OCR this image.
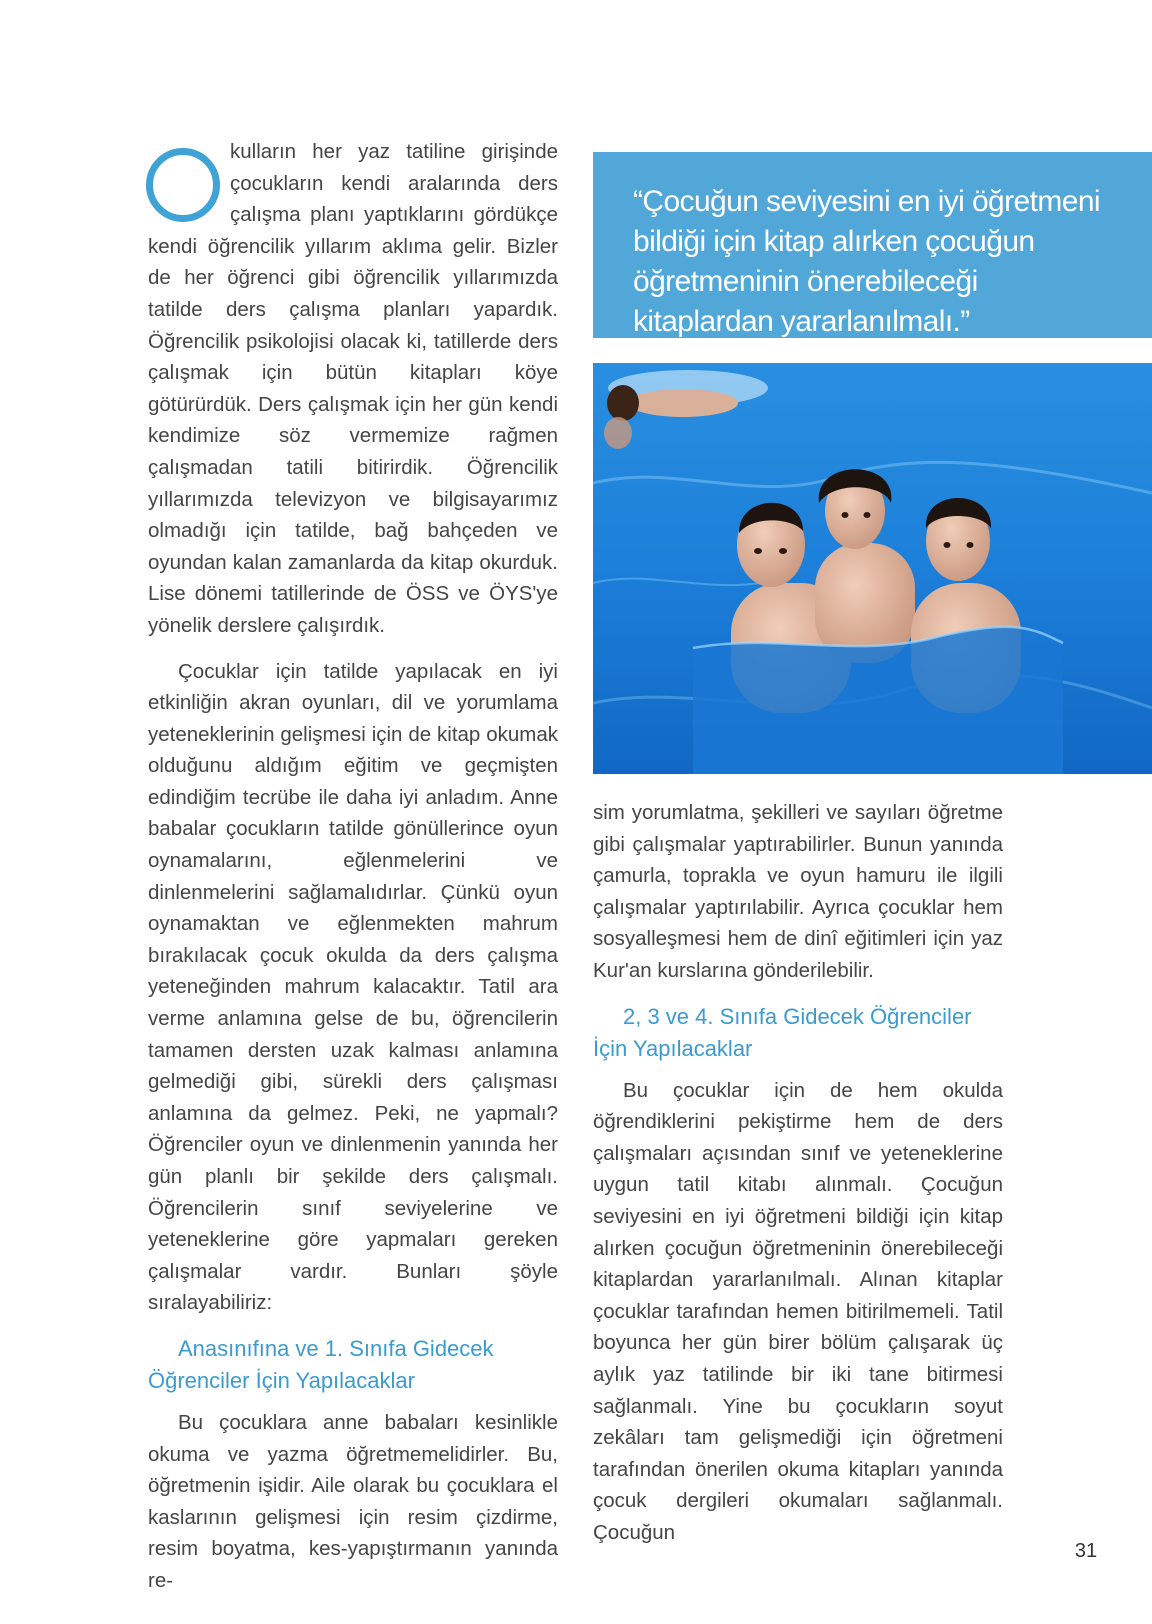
kulların her yaz tatiline girişinde çocukların kendi aralarında ders çalışma planı yaptıklarını gördükçe kendi öğrencilik yıllarım aklıma gelir. Bizler de her öğrenci gibi öğrencilik yıllarımızda tatilde ders çalışma planları yapardık. Öğrencilik psikolojisi olacak ki, tatillerde ders çalışmak için bütün kitapları köye götürürdük. Ders çalışmak için her gün kendi kendimize söz vermemize rağmen çalışmadan tatili bitirirdik. Öğrencilik yıllarımızda televizyon ve bilgisayarımız olmadığı için tatilde, bağ bahçeden ve oyundan kalan zamanlarda da kitap okurduk. Lise dönemi tatillerinde de ÖSS ve ÖYS'ye yönelik derslere çalışırdık.

Çocuklar için tatilde yapılacak en iyi etkinliğin akran oyunları, dil ve yorumlama yeteneklerinin gelişmesi için de kitap okumak olduğunu aldığım eğitim ve geçmişten edindiğim tecrübe ile daha iyi anladım. Anne babalar çocukların tatilde gönüllerince oyun oynamalarını, eğlenmelerini ve dinlenmelerini sağlamalıdırlar. Çünkü oyun oynamaktan ve eğlenmekten mahrum bırakılacak çocuk okulda da ders çalışma yeteneğinden mahrum kalacaktır. Tatil ara verme anlamına gelse de bu, öğrencilerin tamamen dersten uzak kalması anlamına gelmediği gibi, sürekli ders çalışması anlamına da gelmez. Peki, ne yapmalı? Öğrenciler oyun ve dinlenmenin yanında her gün planlı bir şekilde ders çalışmalı. Öğrencilerin sınıf seviyelerine ve yeteneklerine göre yapmaları gereken çalışmalar vardır. Bunları şöyle sıralayabiliriz:

Anasınıfına ve 1. Sınıfa Gidecek Öğrenciler İçin Yapılacaklar

Bu çocuklara anne babaları kesinlikle okuma ve yazma öğretmemelidirler. Bu, öğretmenin işidir. Aile olarak bu çocuklara el kaslarının gelişmesi için resim çizdirme, resim boyatma, kes-yapıştırmanın yanında re-

“Çocuğun seviyesini en iyi öğretmeni bildiği için kitap alırken çocuğun öğretmeninin önerebileceği kitaplardan yararlanılmalı.”

sim yorumlatma, şekilleri ve sayıları öğretme gibi çalışmalar yaptırabilirler. Bunun yanında çamurla, toprakla ve oyun hamuru ile ilgili çalışmalar yaptırılabilir. Ayrıca çocuklar hem sosyalleşmesi hem de dinî eğitimleri için yaz Kur'an kurslarına gönderilebilir.

2, 3 ve 4. Sınıfa Gidecek Öğrenciler İçin Yapılacaklar

Bu çocuklar için de hem okulda öğrendiklerini pekiştirme hem de ders çalışmaları açısından sınıf ve yeteneklerine uygun tatil kitabı alınmalı. Çocuğun seviyesini en iyi öğretmeni bildiği için kitap alırken çocuğun öğretmeninin önerebileceği kitaplardan yararlanılmalı. Alınan kitaplar çocuklar tarafından hemen bitirilmemeli. Tatil boyunca her gün birer bölüm çalışarak üç aylık yaz tatilinde bir iki tane bitirmesi sağlanmalı. Yine bu çocukların soyut zekâları tam gelişmediği için öğretmeni tarafından önerilen okuma kitapları yanında çocuk dergileri okumaları sağlanmalı. Çocuğun

31
